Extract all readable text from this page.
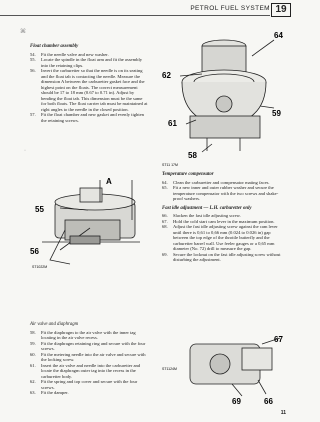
PETROL FUEL SYSTEM 19
⌘
·
Float chamber assembly
54.	Fit the needle valve and new washer.
55.	Locate the spindle in the float arm and fit the assembly into the retaining clips.
56.	Invert the carburetter so that the needle is on its seating and the float tab is contacting the needle. Measure the dimension A between the carburetter gasket face and the highest point on the floats. The correct measurement should be 17 to 18 mm (0.67 to 0.71 in). Adjust by bending the float tab. This dimension must be the same for both floats. The float carrier tab must be maintained at right angles to the needle in the closed position.
57.	Fit the float chamber and new gasket and evenly tighten the retaining screws.
A
55
56
ST1022M
Air valve and diaphragm
58.	Fit the diaphragm to the air valve with the inner tag locating in the air valve recess.
59.	Fit the diaphragm retaining ring and secure with the four screws.
60.	Fit the metering needle into the air valve and secure with the locking screw.
61.	Insert the air valve and needle into the carburetter and locate the diaphragm outer tag into the recess in the carburetter body.
62.	Fit the spring and top cover and secure with the four screws.
63.	Fit the damper.
64
62
59
61
58
ST11 17M
Temperature compensator
64.	Clean the carburetter and compensator mating faces.
65.	Fit a new inner and outer rubber washer and secure the temperature compensator with the two screws and shake-proof washers.
Fast idle adjustment — L.H. carburetter only
66.	Slacken the fast idle adjusting screw.
67.	Hold the cold start cam lever in the maximum position.
68.	Adjust the fast idle adjusting screw against the cam lever until there is 0,61 to 0,66 mm (0.024 to 0.026 in) gap between the top edge of the throttle butterfly and the carburetter barrel wall. Use feeler gauges or a 0,65 mm diameter (No. 72) drill to measure the gap.
69.	Secure the locknut on the fast idle adjusting screw without disturbing the adjustment.
67
69	66
ST1124M
11
